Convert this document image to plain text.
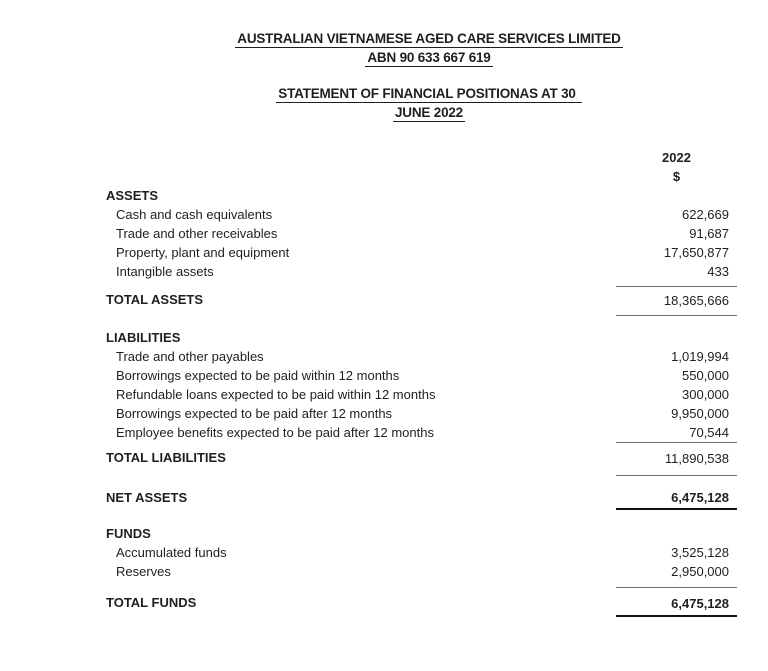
AUSTRALIAN VIETNAMESE AGED CARE SERVICES LIMITED
ABN 90 633 667 619
STATEMENT OF FINANCIAL POSITIONAS AT 30
JUNE 2022
2022
$
ASSETS
Cash and cash equivalents	622,669
Trade and other receivables	91,687
Property, plant and equipment	17,650,877
Intangible assets	433
TOTAL ASSETS	18,365,666
LIABILITIES
Trade and other payables	1,019,994
Borrowings expected to be paid within 12 months	550,000
Refundable loans expected to be paid within 12 months	300,000
Borrowings expected to be paid after 12 months	9,950,000
Employee benefits expected to be paid after 12 months	70,544
TOTAL LIABILITIES	11,890,538
NET ASSETS	6,475,128
FUNDS
Accumulated funds	3,525,128
Reserves	2,950,000
TOTAL FUNDS	6,475,128
